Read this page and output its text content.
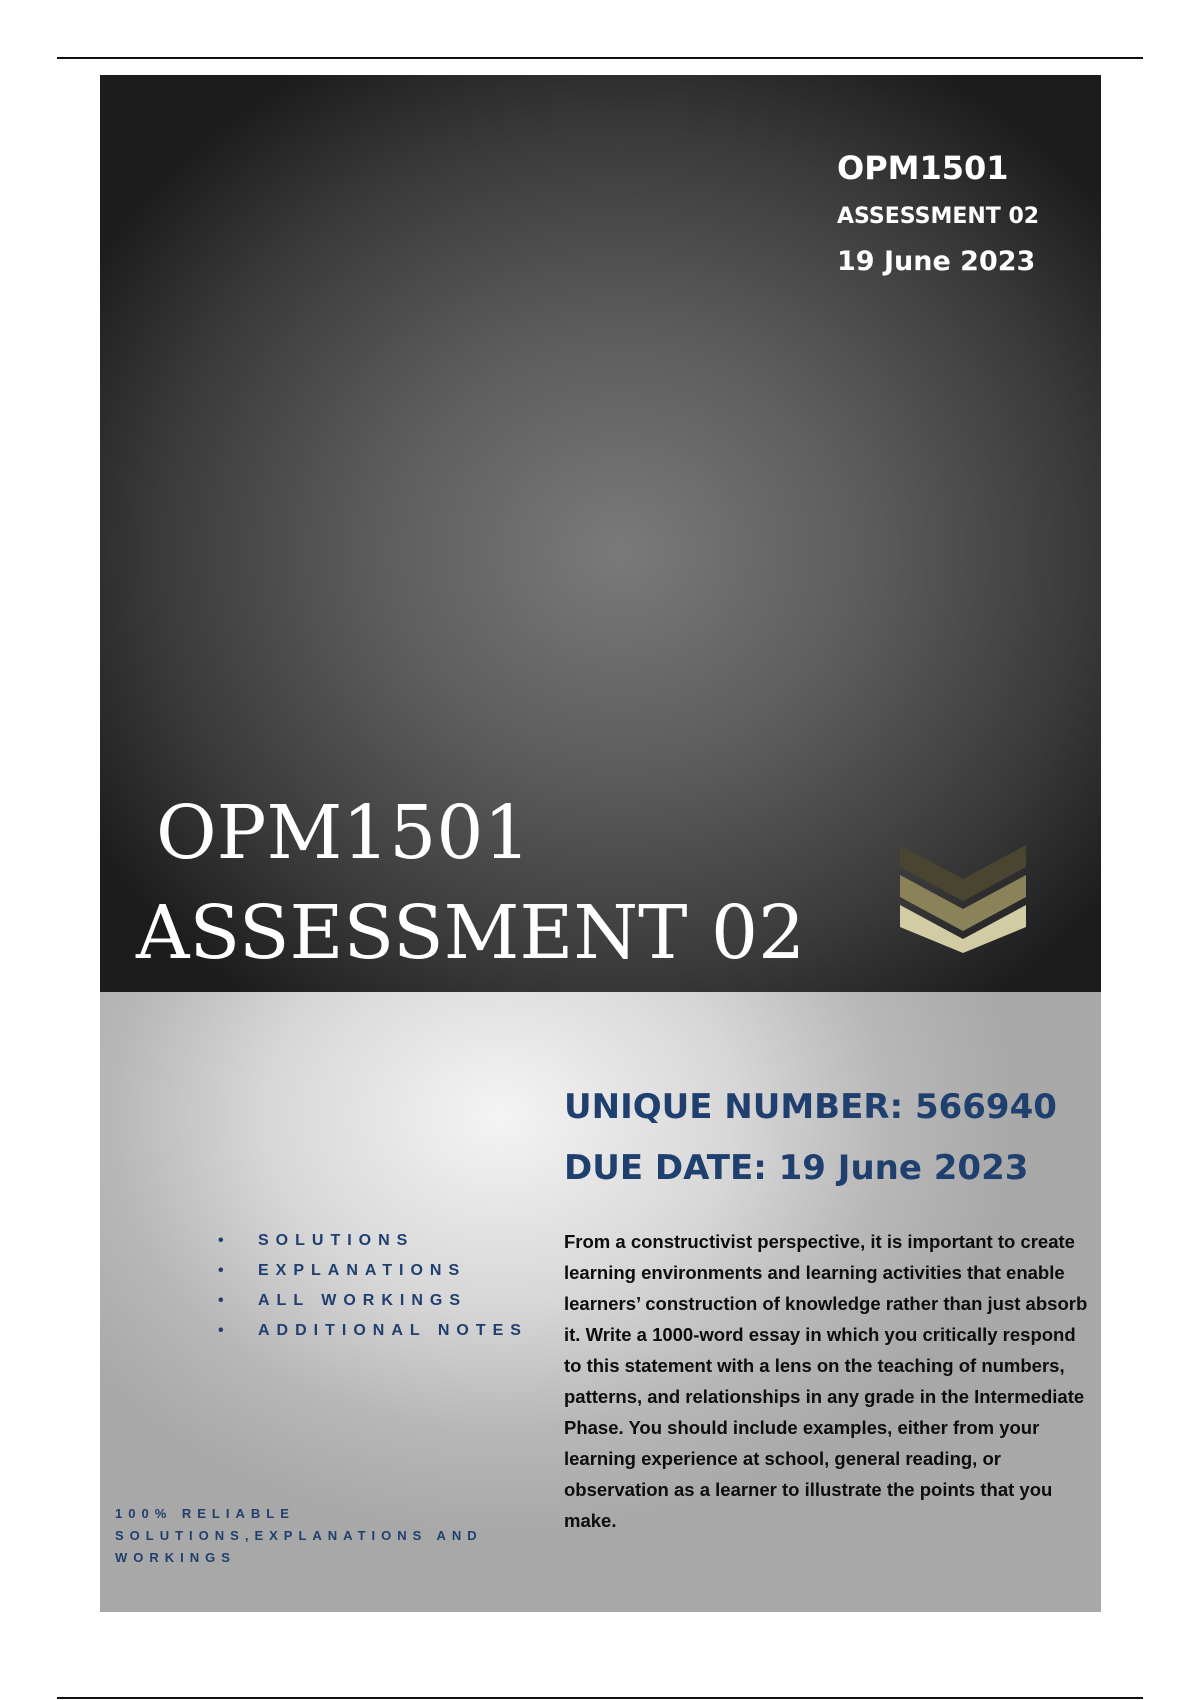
OPM1501
ASSESSMENT 02
19 June 2023
OPM1501
ASSESSMENT 02
UNIQUE NUMBER: 566940
DUE DATE: 19 June 2023
From a constructivist perspective, it is important to create learning environments and learning activities that enable learners’ construction of knowledge rather than just absorb it. Write a 1000-word essay in which you critically respond to this statement with a lens on the teaching of numbers, patterns, and relationships in any grade in the Intermediate Phase. You should include examples, either from your learning experience at school, general reading, or observation as a learner to illustrate the points that you make.
• SOLUTIONS
• EXPLANATIONS
• ALL WORKINGS
• ADDITIONAL NOTES
100% RELIABLE SOLUTIONS,EXPLANATIONS AND WORKINGS
